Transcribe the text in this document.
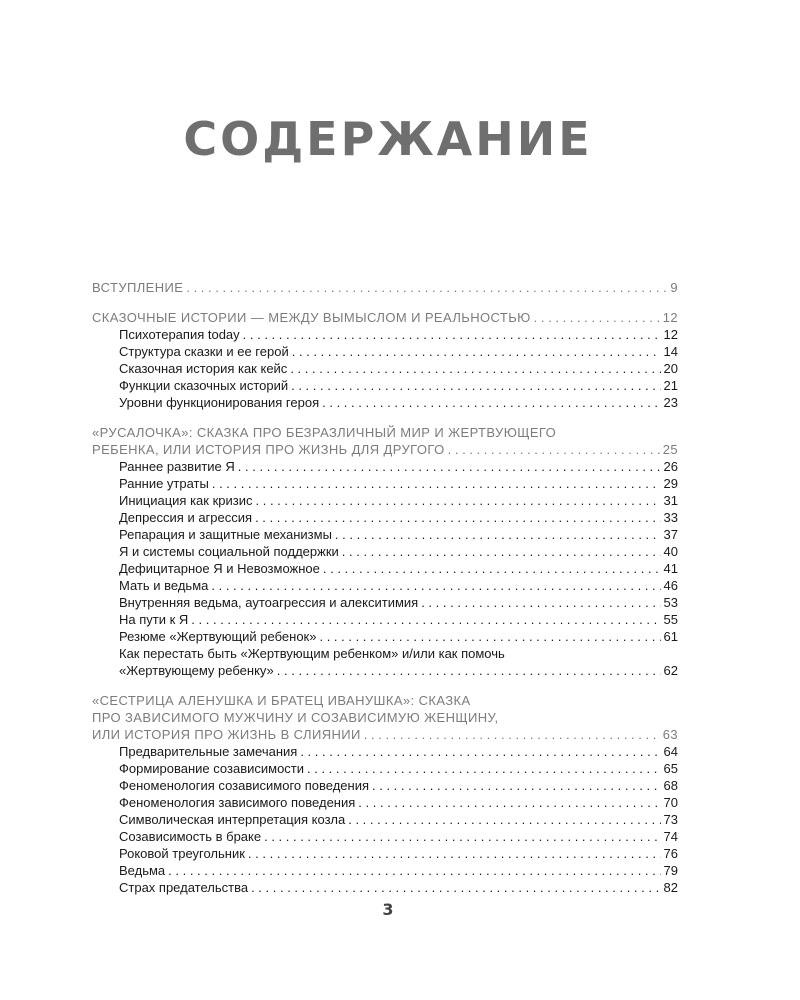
СОДЕРЖАНИЕ
ВСТУПЛЕНИЕ . . .	9
СКАЗОЧНЫЕ ИСТОРИИ — МЕЖДУ ВЫМЫСЛОМ И РЕАЛЬНОСТЬЮ . . .	12
Психотерапия today . . .	12
Структура сказки и ее герой . . .	14
Сказочная история как кейс . . .	20
Функции сказочных историй . . .	21
Уровни функционирования героя . . .	23
«РУСАЛОЧКА»: СКАЗКА ПРО БЕЗРАЗЛИЧНЫЙ МИР И ЖЕРТВУЮЩЕГО
РЕБЕНКА, ИЛИ ИСТОРИЯ ПРО ЖИЗНЬ ДЛЯ ДРУГОГО . . .	25
Раннее развитие Я . . .	26
Ранние утраты . . .	29
Инициация как кризис . . .	31
Депрессия и агрессия . . .	33
Репарация и защитные механизмы . . .	37
Я и системы социальной поддержки . . .	40
Дефицитарное Я и Невозможное . . .	41
Мать и ведьма . . .	46
Внутренняя ведьма, аутоагрессия и алекситимия . . .	53
На пути к Я . . .	55
Резюме «Жертвующий ребенок» . . .	61
Как перестать быть «Жертвующим ребенком» и/или как помочь
«Жертвующему ребенку» . . .	62
«СЕСТРИЦА АЛЕНУШКА И БРАТЕЦ ИВАНУШКА»: СКАЗКА
ПРО ЗАВИСИМОГО МУЖЧИНУ И СОЗАВИСИМУЮ ЖЕНЩИНУ,
ИЛИ ИСТОРИЯ ПРО ЖИЗНЬ В СЛИЯНИИ . . .	63
Предварительные замечания . . .	64
Формирование созависимости . . .	65
Феноменология созависимого поведения . . .	68
Феноменология зависимого поведения . . .	70
Символическая интерпретация козла . . .	73
Созависимость в браке . . .	74
Роковой треугольник . . .	76
Ведьма . . .	79
Страх предательства . . .	82
3
